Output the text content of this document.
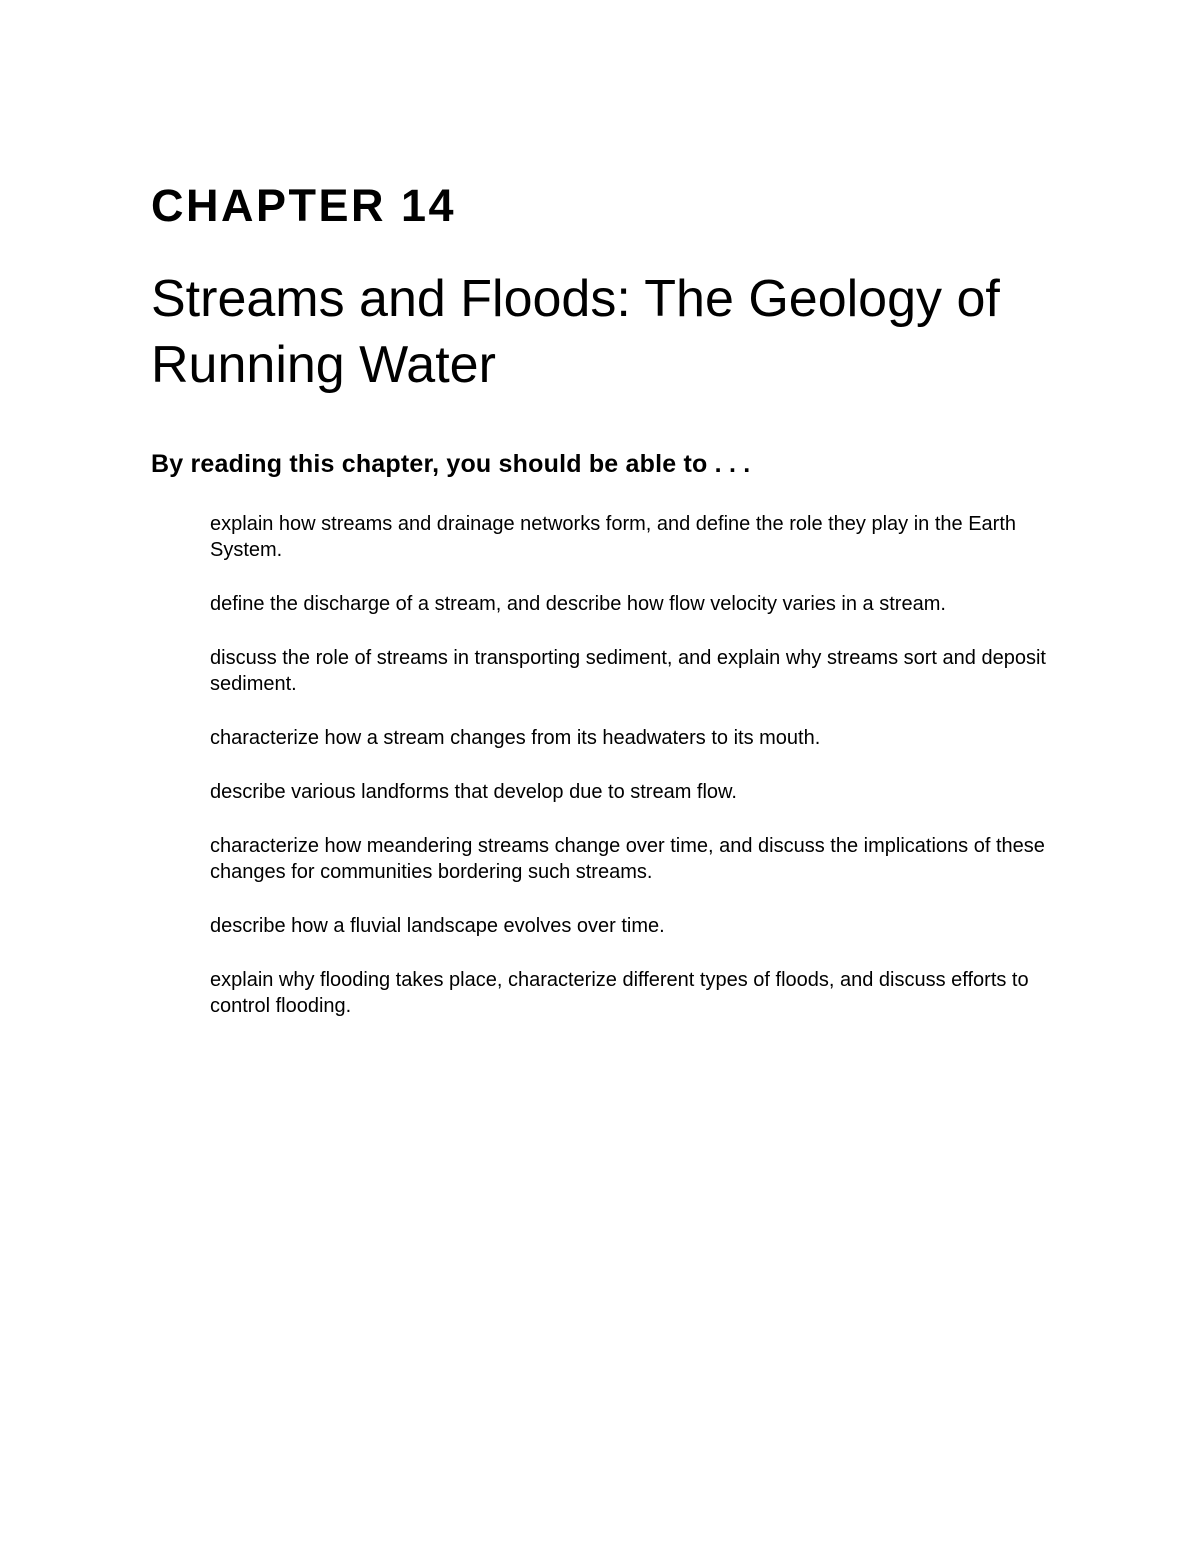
CHAPTER 14
Streams and Floods: The Geology of Running Water

By reading this chapter, you should be able to . . .

explain how streams and drainage networks form, and define the role they play in the Earth System.
define the discharge of a stream, and describe how flow velocity varies in a stream.
discuss the role of streams in transporting sediment, and explain why streams sort and deposit sediment.
characterize how a stream changes from its headwaters to its mouth.
describe various landforms that develop due to stream flow.
characterize how meandering streams change over time, and discuss the implications of these changes for communities bordering such streams.
describe how a fluvial landscape evolves over time.
explain why flooding takes place, characterize different types of floods, and discuss efforts to control flooding.
